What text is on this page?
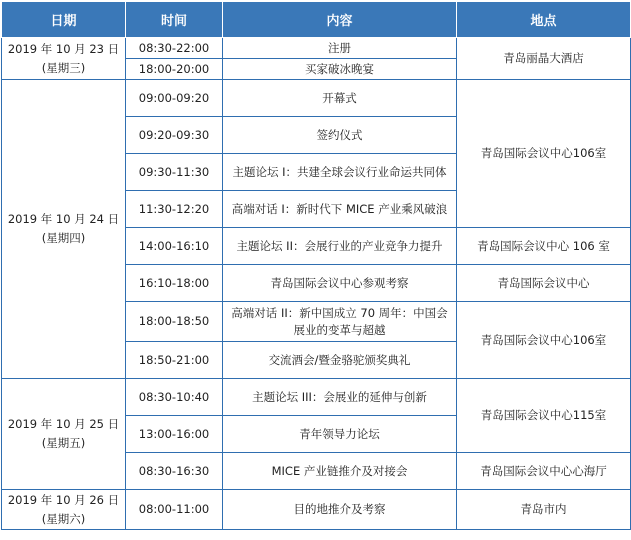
日期	时间	内容	地点

2019 年 10 月 23 日
(星期三)	08:30-22:00	注册	青岛丽晶大酒店
	18:00-20:00	买家破冰晚宴	

2019 年 10 月 24 日
(星期四)	09:00-09:20	开幕式	青岛国际会议中心106室
	09:20-09:30	签约仪式	
	09:30-11:30	主题论坛 I：共建全球会议行业命运共同体	
	11:30-12:20	高端对话 I：新时代下 MICE 产业乘风破浪	
	14:00-16:10	主题论坛 II：会展行业的产业竞争力提升	青岛国际会议中心 106 室
	16:10-18:00	青岛国际会议中心参观考察	青岛国际会议中心
	18:00-18:50	高端对话 II：新中国成立 70 周年：中国会展业的变革与超越	青岛国际会议中心106室
	18:50-21:00	交流酒会/暨金骆驼颁奖典礼	

2019 年 10 月 25 日
(星期五)	08:30-10:40	主题论坛 III：会展业的延伸与创新	青岛国际会议中心115室
	13:00-16:00	青年领导力论坛	
	08:30-16:30	MICE 产业链推介及对接会	青岛国际会议中心心海厅

2019 年 10 月 26 日
(星期六)	08:00-11:00	目的地推介及考察	青岛市内
